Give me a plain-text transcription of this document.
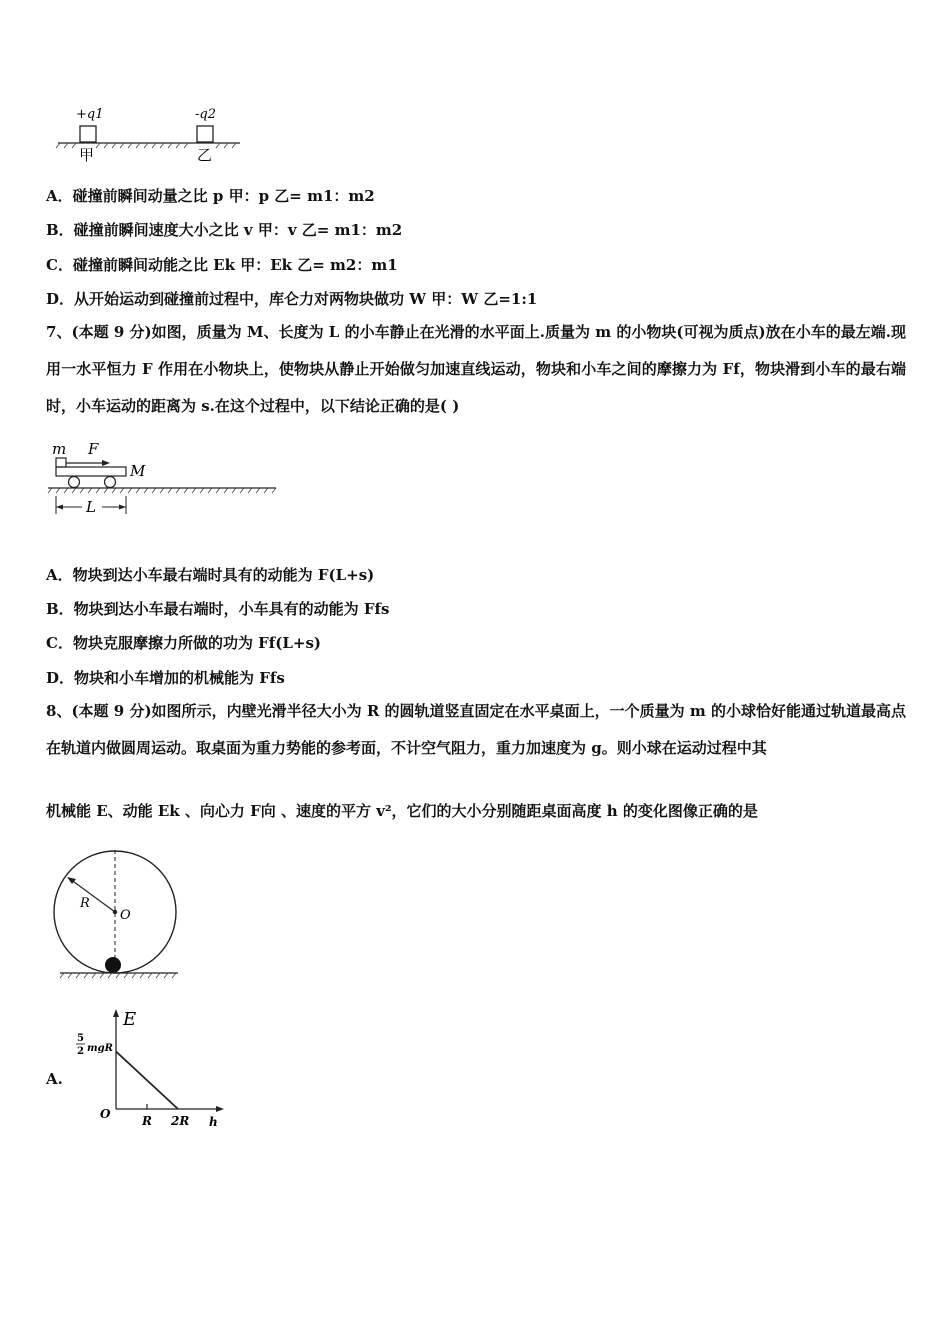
+q1	-q2
甲	乙
A．碰撞前瞬间动量之比 p 甲：p 乙= m1：m2
B．碰撞前瞬间速度大小之比 v 甲：v 乙= m1：m2
C．碰撞前瞬间动能之比 Ek 甲：Ek 乙= m2：m1
D．从开始运动到碰撞前过程中，库仑力对两物块做功 W 甲：W 乙=1:1
7、(本题 9 分)如图，质量为 M、长度为 L 的小车静止在光滑的水平面上.质量为 m 的小物块(可视为质点)放在小车的最左端.现用一水平恒力 F 作用在小物块上，使物块从静止开始做匀加速直线运动，物块和小车之间的摩擦力为 Ff，物块滑到小车的最右端时，小车运动的距离为 s.在这个过程中，以下结论正确的是( )
m F
M
L
A．物块到达小车最右端时具有的动能为 F(L+s)
B．物块到达小车最右端时，小车具有的动能为 Ffs
C．物块克服摩擦力所做的功为 Ff(L+s)
D．物块和小车增加的机械能为 Ffs
8、(本题 9 分)如图所示，内壁光滑半径大小为 R 的圆轨道竖直固定在水平桌面上，一个质量为 m 的小球恰好能通过轨道最高点在轨道内做圆周运动。取桌面为重力势能的参考面，不计空气阻力，重力加速度为 g。则小球在运动过程中其
机械能 E、动能 Ek 、向心力 F向 、速度的平方 v²，它们的大小分别随距桌面高度 h 的变化图像正确的是
R
O
A.
E
h
O	R 2R
5
2 mgR
